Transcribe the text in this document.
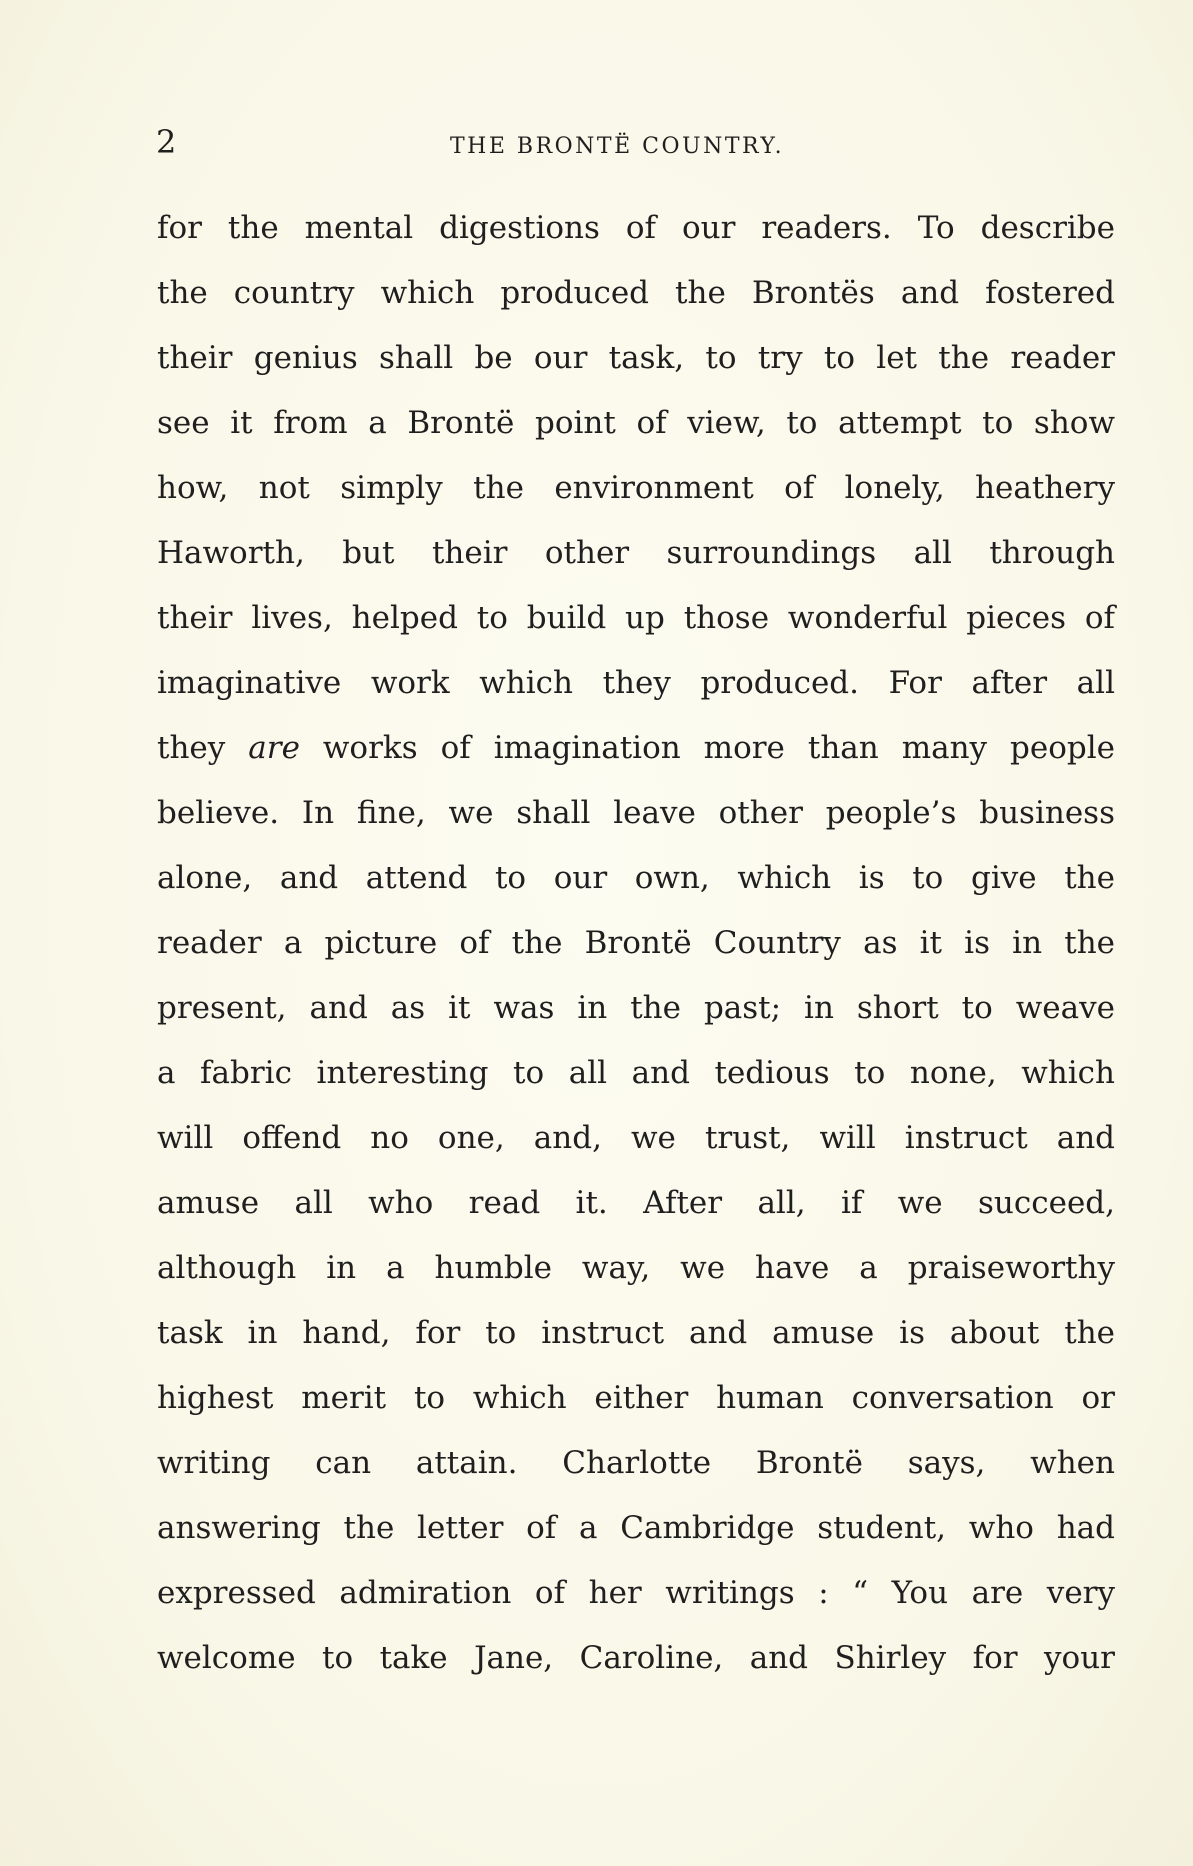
2	THE BRONTË COUNTRY.
for the mental digestions of our readers. To describe
the country which produced the Brontës and fostered
their genius shall be our task, to try to let the reader
see it from a Brontë point of view, to attempt to show
how, not simply the environment of lonely, heathery
Haworth, but their other surroundings all through
their lives, helped to build up those wonderful pieces of
imaginative work which they produced. For after all
they are works of imagination more than many people
believe. In fine, we shall leave other people’s business
alone, and attend to our own, which is to give the
reader a picture of the Brontë Country as it is in the
present, and as it was in the past; in short to weave
a fabric interesting to all and tedious to none, which
will offend no one, and, we trust, will instruct and
amuse all who read it. After all, if we succeed,
although in a humble way, we have a praiseworthy
task in hand, for to instruct and amuse is about the
highest merit to which either human conversation or
writing can attain. Charlotte Brontë says, when
answering the letter of a Cambridge student, who had
expressed admiration of her writings : “ You are very
welcome to take Jane, Caroline, and Shirley for your
